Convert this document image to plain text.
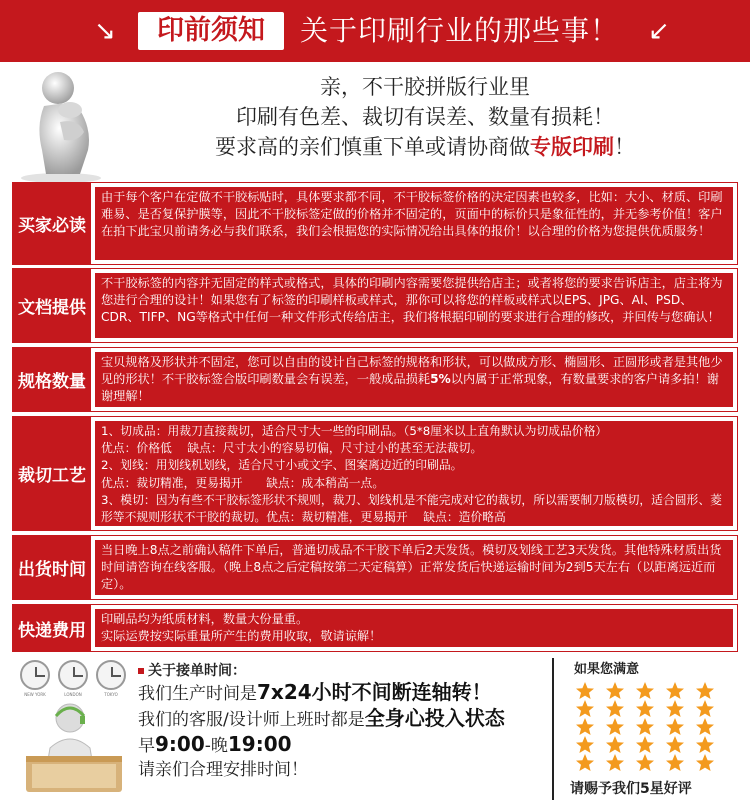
↘	印前须知	关于印刷行业的那些事！ ↙
亲，不干胶拼版行业里
印刷有色差、裁切有误差、数量有损耗！
要求高的亲们慎重下单或请协商做专版印刷！
买家必读

由于每个客户在定做不干胶标贴时，具体要求都不同，不干胶标签价格的决定因素也较多，比如：大小、材质、印刷难易、是否复保护膜等，因此不干胶标签定做的价格并不固定的，页面中的标价只是象征性的，并无参考价值！客户在拍下此宝贝前请务必与我们联系，我们会根据您的实际情况给出具体的报价！以合理的价格为您提供优质服务！

文档提供

不干胶标签的内容并无固定的样式或格式，具体的印刷内容需要您提供给店主；或者将您的要求告诉店主，店主将为您进行合理的设计！如果您有了标签的印刷样板或样式，那你可以将您的样板或样式以EPS、JPG、AI、PSD、CDR、TIFP、NG等格式中任何一种文件形式传给店主，我们将根据印刷的要求进行合理的修改，并回传与您确认！

规格数量

宝贝规格及形状并不固定，您可以自由的设计自己标签的规格和形状，可以做成方形、椭圆形、正圆形或者是其他少见的形状！不干胶标签合版印刷数量会有误差，一般成品损耗5%以内属于正常现象，有数量要求的客户请多拍！谢谢理解！

裁切工艺

1、切成品：用裁刀直接裁切，适合尺寸大一些的印刷品。（5*8厘米以上直角默认为切成品价格）

优点：价格低　 缺点：尺寸太小的容易切偏，尺寸过小的甚至无法裁切。

2、划线：用划线机划线，适合尺寸小或文字、图案离边近的印刷品。

优点：裁切精准，更易揭开　　缺点：成本稍高一点。

3、模切：因为有些不干胶标签形状不规则，裁刀、划线机是不能完成对它的裁切，所以需要制刀版模切，适合圆形、菱形等不规则形状不干胶的裁切。优点：裁切精准，更易揭开　 缺点：造价略高

出货时间

当日晚上8点之前确认稿件下单后，普通切成品不干胶下单后2天发货。模切及划线工艺3天发货。其他特殊材质出货时间请咨询在线客服。（晚上8点之后定稿按第二天定稿算）正常发货后快递运输时间为2到5天左右（以距离远近而定）。

快递费用

印刷品均为纸质材料，数量大份量重。

实际运费按实际重量所产生的费用收取，敬请谅解！

NEW YORK	LONDON	TOKYO
关于接单时间：
我们生产时间是7x24小时不间断连轴转！
我们的客服/设计师上班时都是全身心投入状态
早9:00-晚19:00
请亲们合理安排时间！
如果您满意
请赐予我们5星好评
